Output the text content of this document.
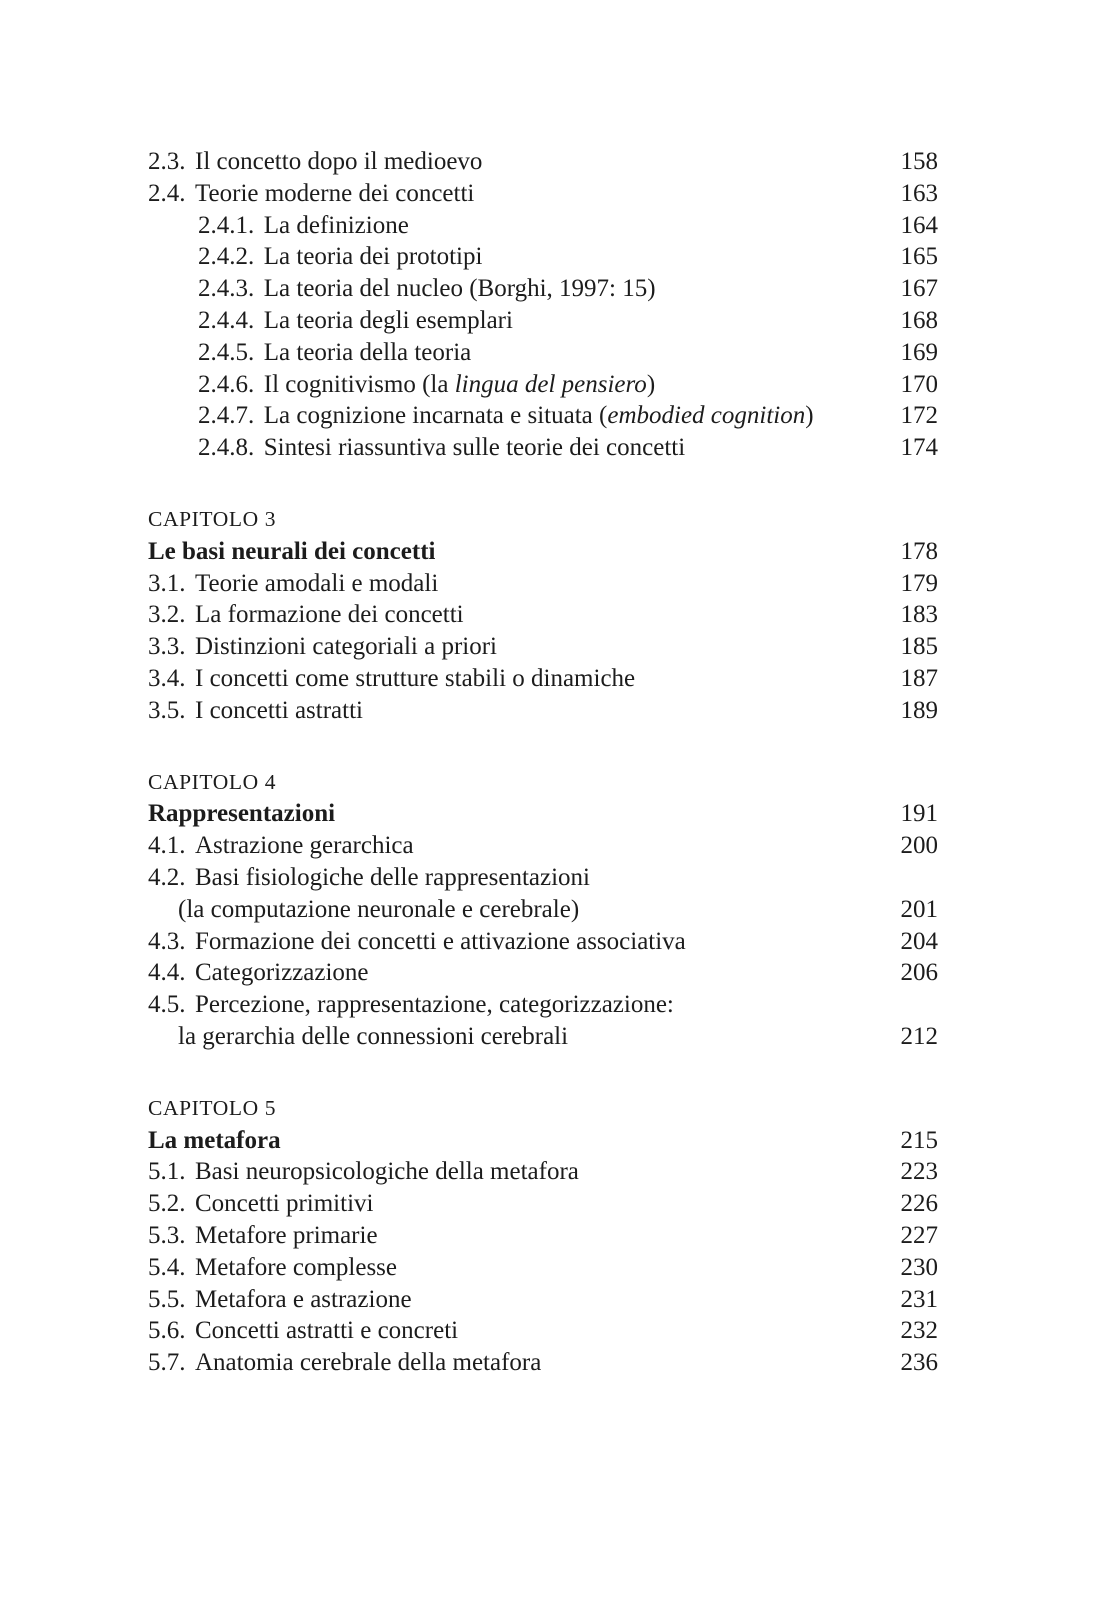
2.3. Il concetto dopo il medioevo	158
2.4. Teorie moderne dei concetti	163
2.4.1. La definizione	164
2.4.2. La teoria dei prototipi	165
2.4.3. La teoria del nucleo (Borghi, 1997: 15)	167
2.4.4. La teoria degli esemplari	168
2.4.5. La teoria della teoria	169
2.4.6. Il cognitivismo (la lingua del pensiero)	170
2.4.7. La cognizione incarnata e situata (embodied cognition)	172
2.4.8. Sintesi riassuntiva sulle teorie dei concetti	174
CAPITOLO 3
Le basi neurali dei concetti	178
3.1. Teorie amodali e modali	179
3.2. La formazione dei concetti	183
3.3. Distinzioni categoriali a priori	185
3.4. I concetti come strutture stabili o dinamiche	187
3.5. I concetti astratti	189
CAPITOLO 4
Rappresentazioni	191
4.1. Astrazione gerarchica	200
4.2. Basi fisiologiche delle rappresentazioni
(la computazione neuronale e cerebrale)	201
4.3. Formazione dei concetti e attivazione associativa	204
4.4. Categorizzazione	206
4.5. Percezione, rappresentazione, categorizzazione:
la gerarchia delle connessioni cerebrali	212
CAPITOLO 5
La metafora	215
5.1. Basi neuropsicologiche della metafora	223
5.2. Concetti primitivi	226
5.3. Metafore primarie	227
5.4. Metafore complesse	230
5.5. Metafora e astrazione	231
5.6. Concetti astratti e concreti	232
5.7. Anatomia cerebrale della metafora	236
